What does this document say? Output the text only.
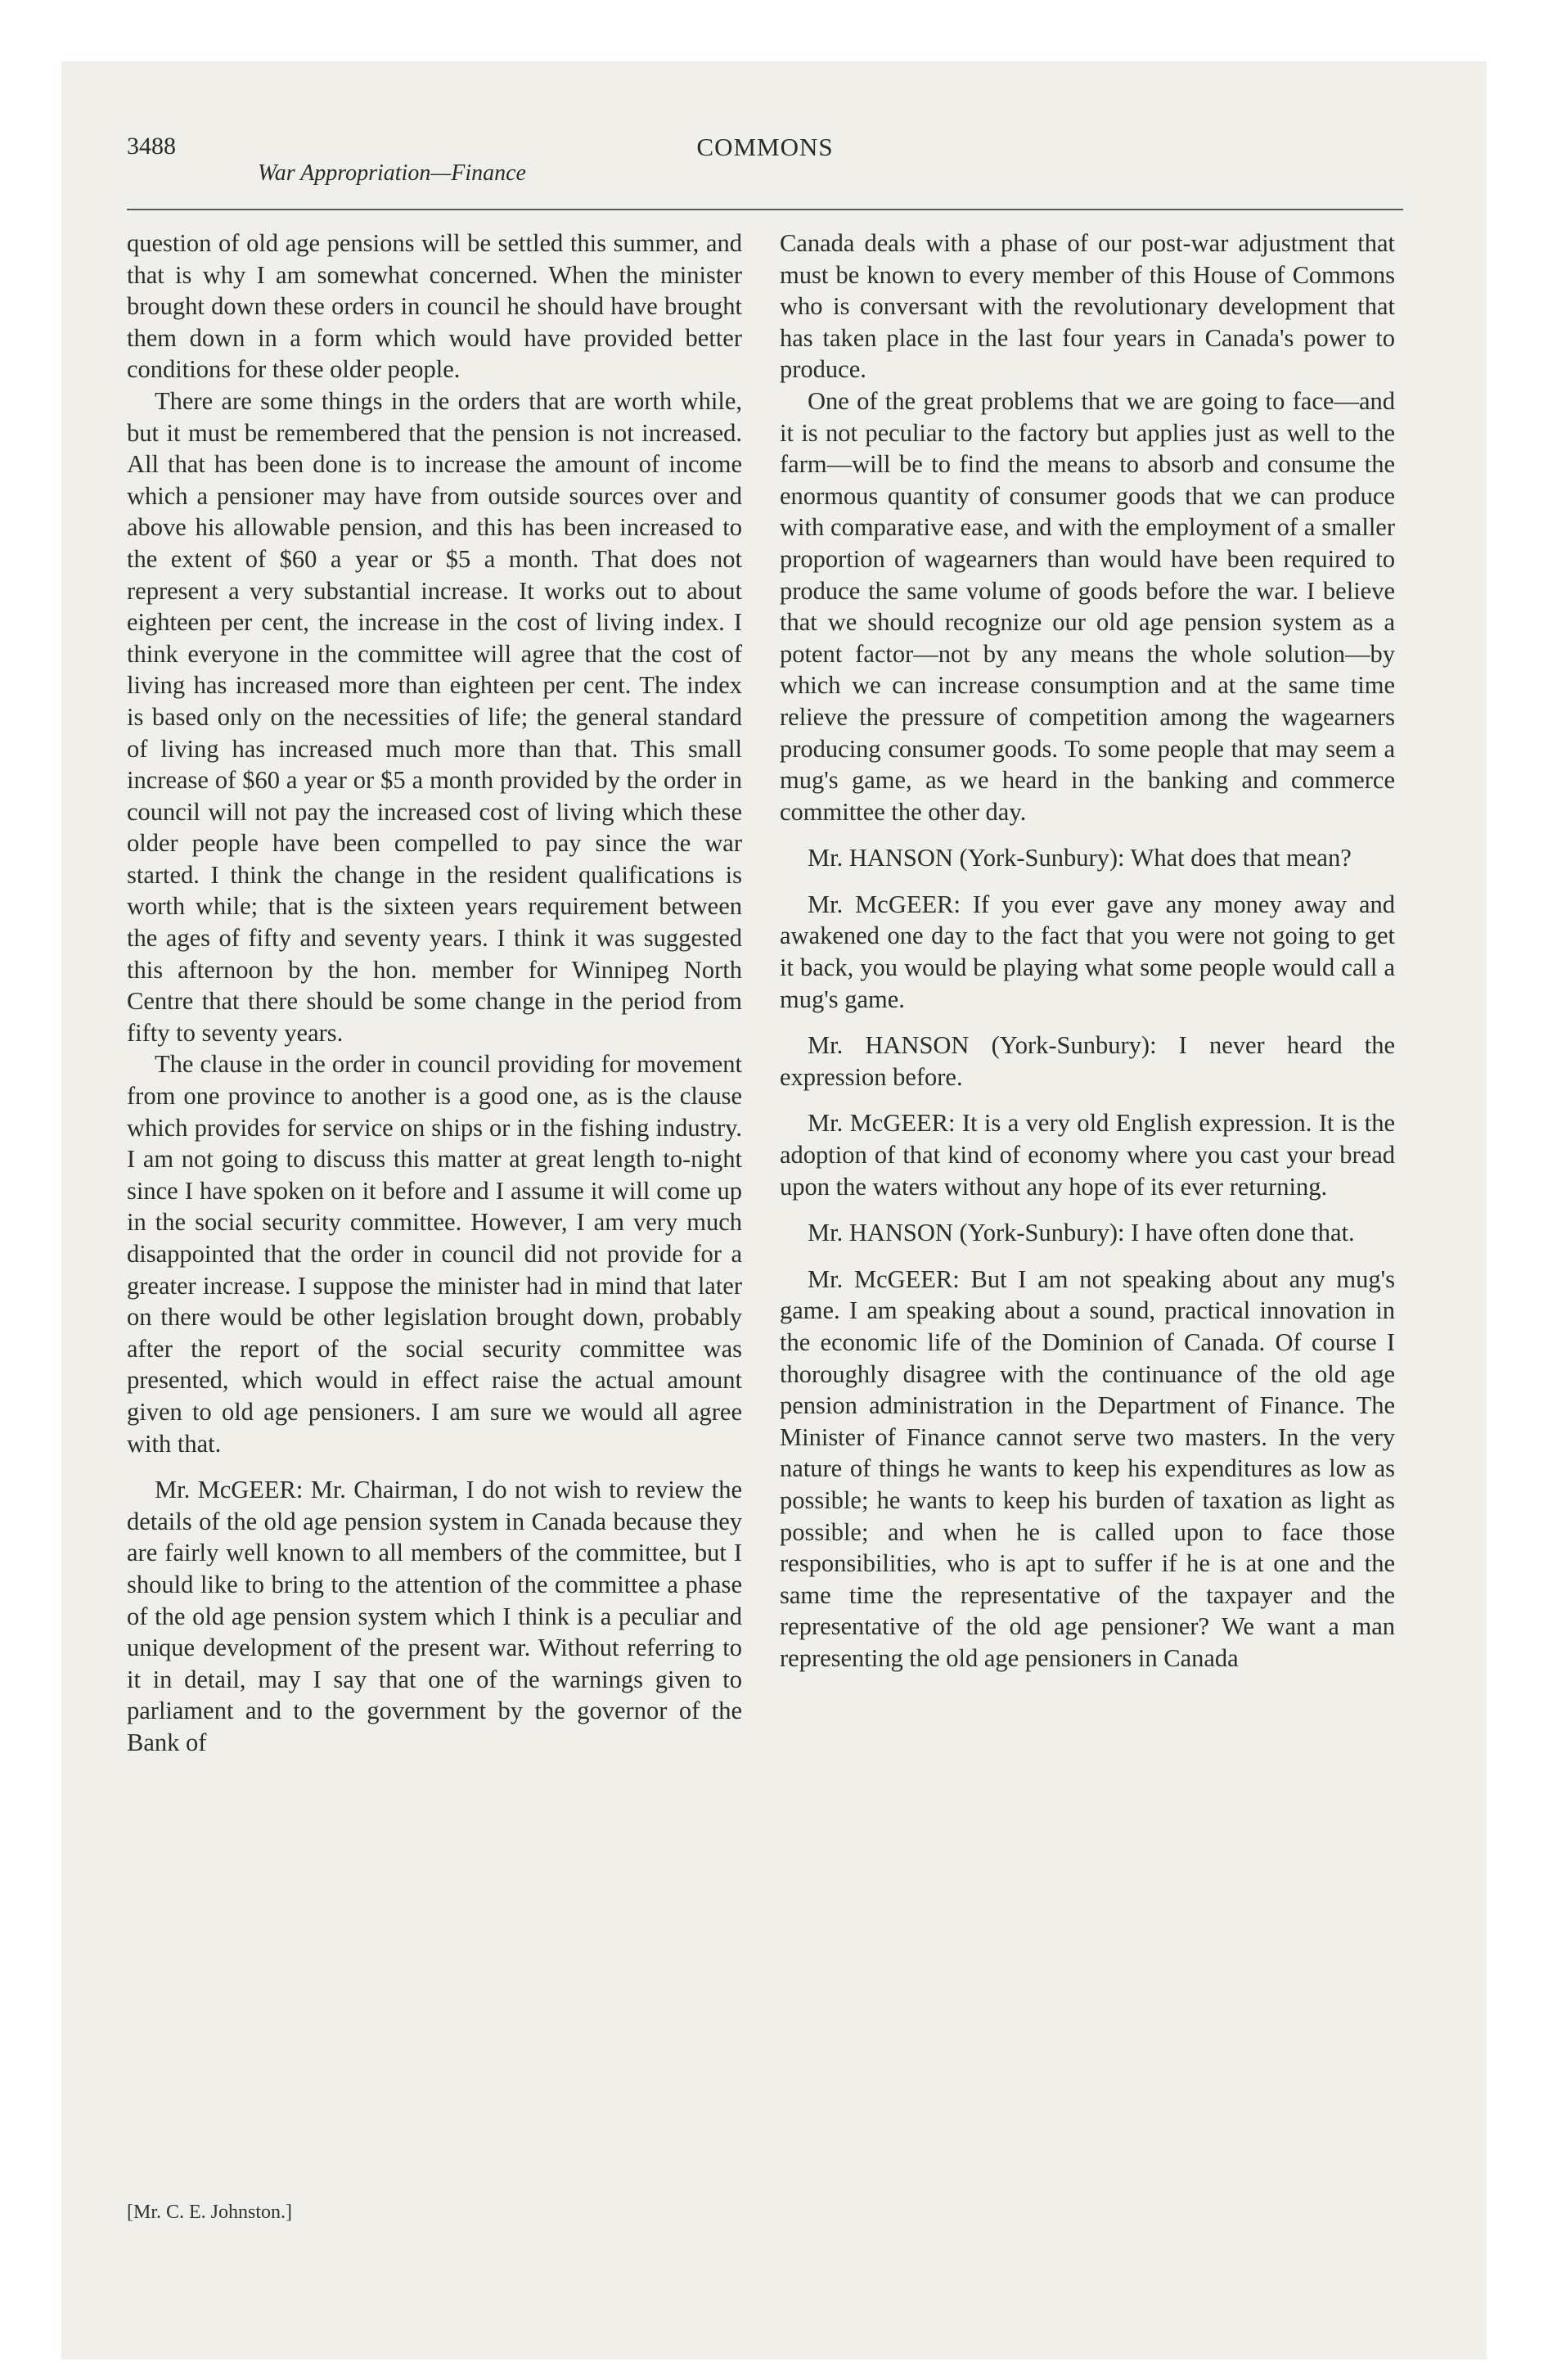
3488	COMMONS
War Appropriation—Finance

question of old age pensions will be settled this summer, and that is why I am somewhat concerned. When the minister brought down these orders in council he should have brought them down in a form which would have provided better conditions for these older people.

There are some things in the orders that are worth while, but it must be remembered that the pension is not increased. All that has been done is to increase the amount of income which a pensioner may have from outside sources over and above his allowable pension, and this has been increased to the extent of $60 a year or $5 a month. That does not represent a very substantial increase. It works out to about eighteen per cent, the increase in the cost of living index. I think everyone in the committee will agree that the cost of living has increased more than eighteen per cent. The index is based only on the necessities of life; the general standard of living has increased much more than that. This small increase of $60 a year or $5 a month provided by the order in council will not pay the increased cost of living which these older people have been compelled to pay since the war started. I think the change in the resident qualifications is worth while; that is the sixteen years requirement between the ages of fifty and seventy years. I think it was suggested this afternoon by the hon. member for Winnipeg North Centre that there should be some change in the period from fifty to seventy years.

The clause in the order in council providing for movement from one province to another is a good one, as is the clause which provides for service on ships or in the fishing industry. I am not going to discuss this matter at great length to-night since I have spoken on it before and I assume it will come up in the social security committee. However, I am very much disappointed that the order in council did not provide for a greater increase. I suppose the minister had in mind that later on there would be other legislation brought down, probably after the report of the social security committee was presented, which would in effect raise the actual amount given to old age pensioners. I am sure we would all agree with that.

Mr. McGEER: Mr. Chairman, I do not wish to review the details of the old age pension system in Canada because they are fairly well known to all members of the committee, but I should like to bring to the attention of the committee a phase of the old age pension system which I think is a peculiar and unique development of the present war. Without referring to it in detail, may I say that one of the warnings given to parliament and to the government by the governor of the Bank of

Canada deals with a phase of our post-war adjustment that must be known to every member of this House of Commons who is conversant with the revolutionary development that has taken place in the last four years in Canada's power to produce.

One of the great problems that we are going to face—and it is not peculiar to the factory but applies just as well to the farm—will be to find the means to absorb and consume the enormous quantity of consumer goods that we can produce with comparative ease, and with the employment of a smaller proportion of wagearners than would have been required to produce the same volume of goods before the war. I believe that we should recognize our old age pension system as a potent factor—not by any means the whole solution—by which we can increase consumption and at the same time relieve the pressure of competition among the wagearners producing consumer goods. To some people that may seem a mug's game, as we heard in the banking and commerce committee the other day.

Mr. HANSON (York-Sunbury): What does that mean?

Mr. McGEER: If you ever gave any money away and awakened one day to the fact that you were not going to get it back, you would be playing what some people would call a mug's game.

Mr. HANSON (York-Sunbury): I never heard the expression before.

Mr. McGEER: It is a very old English expression. It is the adoption of that kind of economy where you cast your bread upon the waters without any hope of its ever returning.

Mr. HANSON (York-Sunbury): I have often done that.

Mr. McGEER: But I am not speaking about any mug's game. I am speaking about a sound, practical innovation in the economic life of the Dominion of Canada. Of course I thoroughly disagree with the continuance of the old age pension administration in the Department of Finance. The Minister of Finance cannot serve two masters. In the very nature of things he wants to keep his expenditures as low as possible; he wants to keep his burden of taxation as light as possible; and when he is called upon to face those responsibilities, who is apt to suffer if he is at one and the same time the representative of the taxpayer and the representative of the old age pensioner? We want a man representing the old age pensioners in Canada

[Mr. C. E. Johnston.]
